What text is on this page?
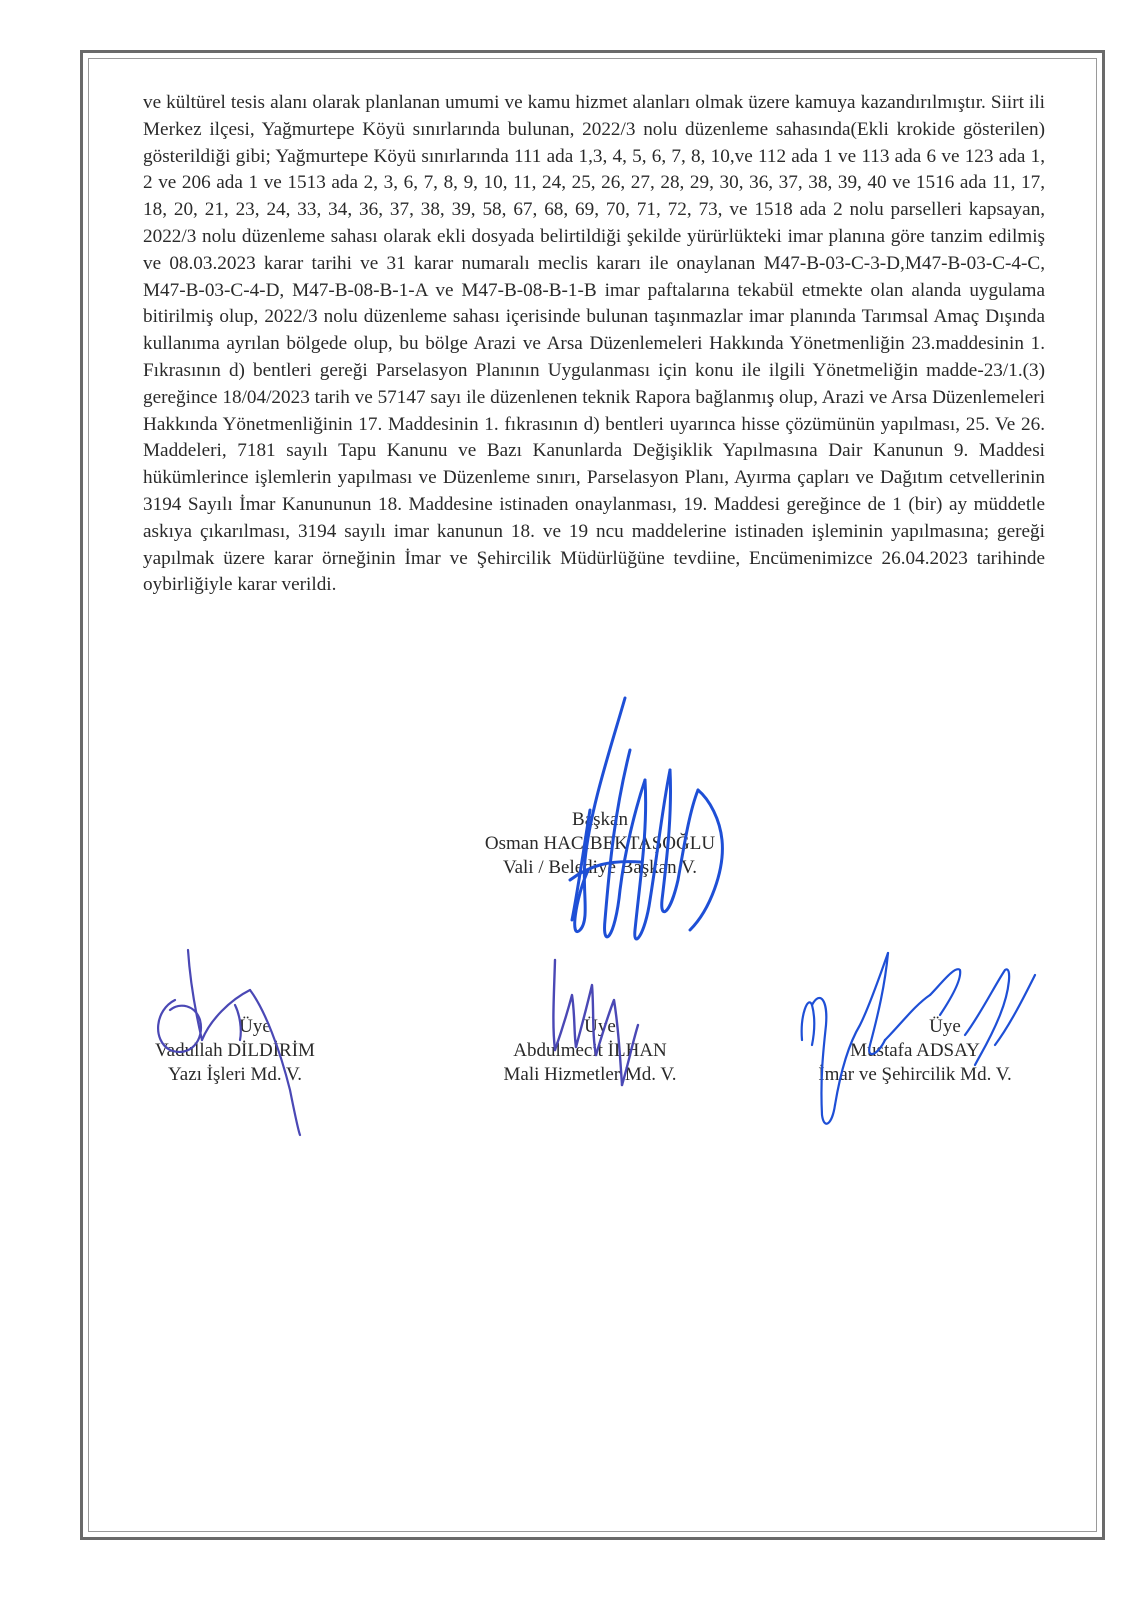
ve kültürel tesis alanı olarak planlanan umumi ve kamu hizmet alanları olmak üzere kamuya kazandırılmıştır. Siirt ili Merkez ilçesi, Yağmurtepe Köyü sınırlarında bulunan, 2022/3 nolu düzenleme sahasında(Ekli krokide gösterilen) gösterildiği gibi; Yağmurtepe Köyü sınırlarında 111 ada 1,3, 4, 5, 6, 7, 8, 10,ve 112 ada 1 ve 113 ada 6 ve 123 ada 1, 2 ve 206 ada 1 ve 1513 ada 2, 3, 6, 7, 8, 9, 10, 11, 24, 25, 26, 27, 28, 29, 30, 36, 37, 38, 39, 40 ve 1516 ada 11, 17, 18, 20, 21, 23, 24, 33, 34, 36, 37, 38, 39, 58, 67, 68, 69, 70, 71, 72, 73, ve 1518 ada 2 nolu parselleri kapsayan, 2022/3 nolu düzenleme sahası olarak ekli dosyada belirtildiği şekilde yürürlükteki imar planına göre tanzim edilmiş ve 08.03.2023 karar tarihi ve 31 karar numaralı meclis kararı ile onaylanan M47-B-03-C-3-D,M47-B-03-C-4-C, M47-B-03-C-4-D, M47-B-08-B-1-A ve M47-B-08-B-1-B imar paftalarına tekabül etmekte olan alanda uygulama bitirilmiş olup, 2022/3 nolu düzenleme sahası içerisinde bulunan taşınmazlar imar planında Tarımsal Amaç Dışında kullanıma ayrılan bölgede olup, bu bölge Arazi ve Arsa Düzenlemeleri Hakkında Yönetmenliğin 23.maddesinin 1. Fıkrasının d) bentleri gereği Parselasyon Planının Uygulanması için konu ile ilgili Yönetmeliğin madde-23/1.(3) gereğince 18/04/2023 tarih ve 57147 sayı ile düzenlenen teknik Rapora bağlanmış olup, Arazi ve Arsa Düzenlemeleri Hakkında Yönetmenliğinin 17. Maddesinin 1. fıkrasının d) bentleri uyarınca hisse çözümünün yapılması, 25. Ve 26. Maddeleri, 7181 sayılı Tapu Kanunu ve Bazı Kanunlarda Değişiklik Yapılmasına Dair Kanunun 9. Maddesi hükümlerince işlemlerin yapılması ve Düzenleme sınırı, Parselasyon Planı, Ayırma çapları ve Dağıtım cetvellerinin 3194 Sayılı İmar Kanununun 18. Maddesine istinaden onaylanması, 19. Maddesi gereğince de 1 (bir) ay müddetle askıya çıkarılması, 3194 sayılı imar kanunun 18. ve 19 ncu maddelerine istinaden işleminin yapılmasına; gereği yapılmak üzere karar örneğinin İmar ve Şehircilik Müdürlüğüne tevdiine, Encümenimizce 26.04.2023 tarihinde oybirliğiyle karar verildi.

Başkan
Osman HACIBEKTAŞOĞLU
Vali / Belediye Başkan V.
Üye
Vadullah DİLDİRİM
Yazı İşleri Md. V.
Üye
Abdulmecit İLHAN
Mali Hizmetler Md. V.
Üye
Mustafa ADSAY
İmar ve Şehircilik Md. V.
